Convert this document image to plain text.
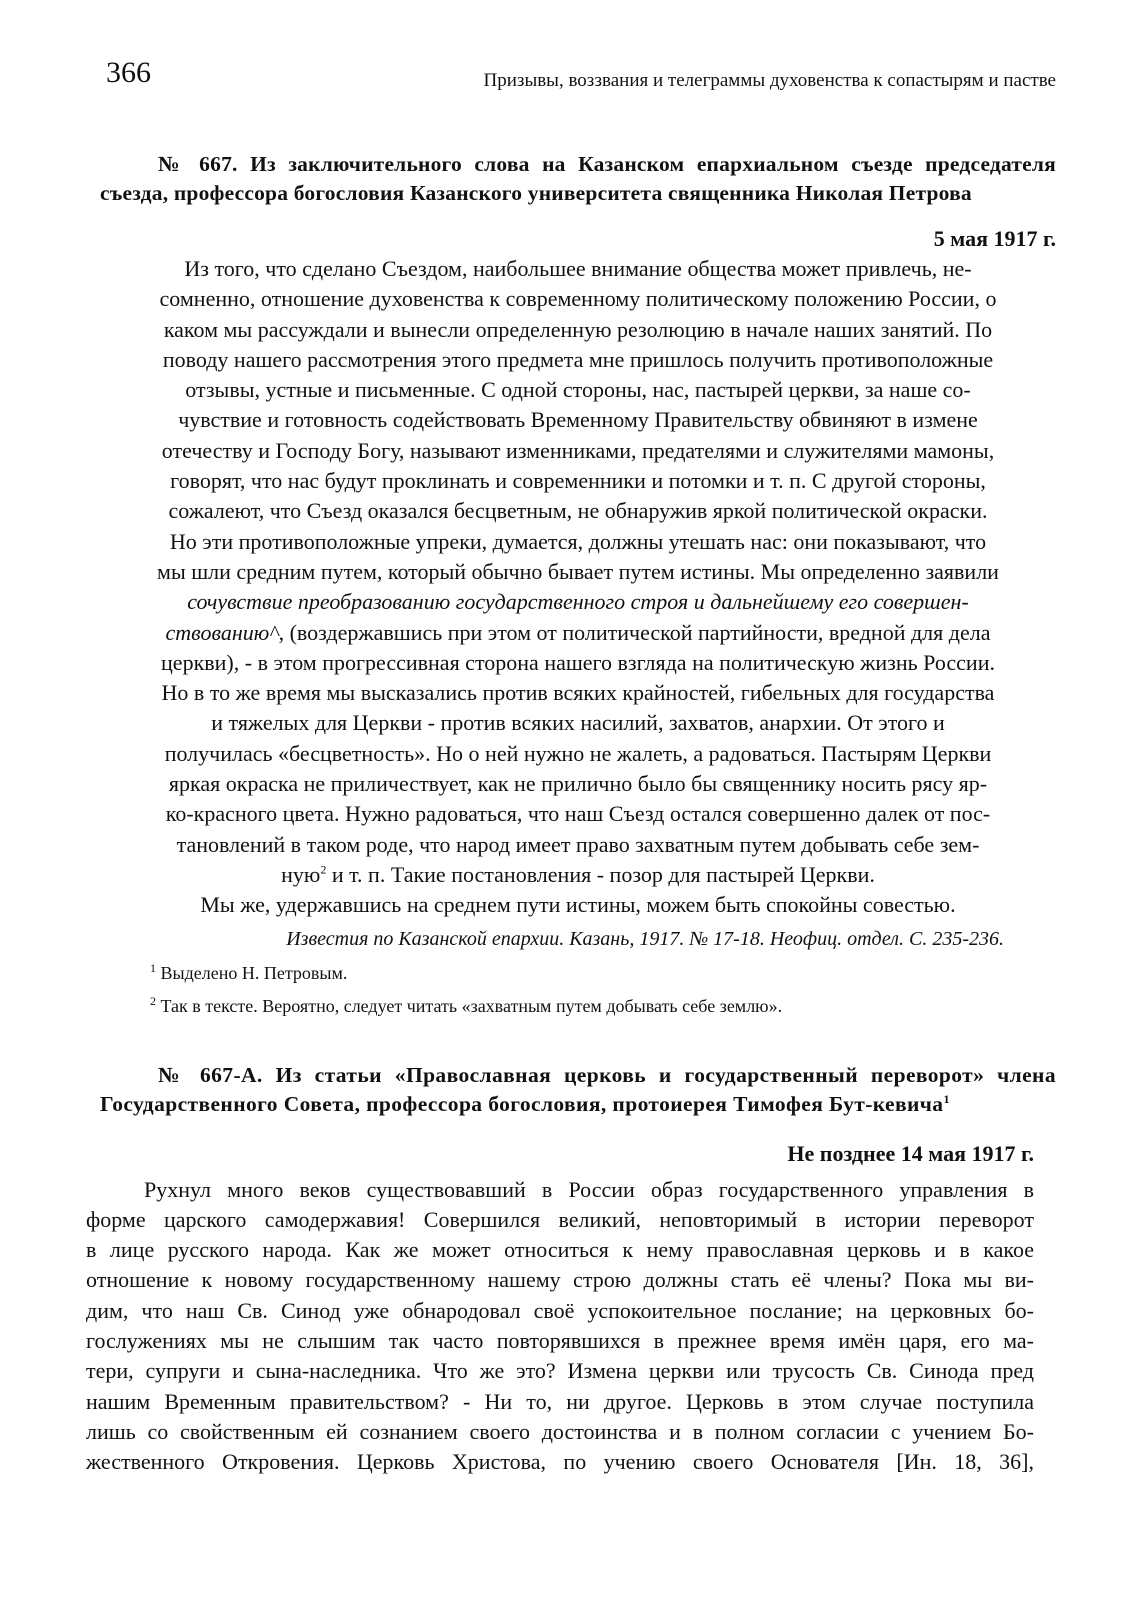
366	Призывы, воззвания и телеграммы духовенства к сопастырям и пастве

№ 667. Из заключительного слова на Казанском епархиальном съезде председателя съезда, профессора богословия Казанского университета священника Николая Петрова

5 мая 1917 г.

Из того, что сделано Съездом, наибольшее внимание общества может привлечь, не-
сомненно, отношение духовенства к современному политическому положению России, о
каком мы рассуждали и вынесли определенную резолюцию в начале наших занятий. По
поводу нашего рассмотрения этого предмета мне пришлось получить противоположные
отзывы, устные и письменные. С одной стороны, нас, пастырей церкви, за наше со-
чувствие и готовность содействовать Временному Правительству обвиняют в измене
отечеству и Господу Богу, называют изменниками, предателями и служителями мамоны,
говорят, что нас будут проклинать и современники и потомки и т. п. С другой стороны,
сожалеют, что Съезд оказался бесцветным, не обнаружив яркой политической окраски.
Но эти противоположные упреки, думается, должны утешать нас: они показывают, что
мы шли средним путем, который обычно бывает путем истины. Мы определенно заявили
сочувствие преобразованию государственного строя и дальнейшему его совершен-
ствованию^, (воздержавшись при этом от политической партийности, вредной для дела
церкви), - в этом прогрессивная сторона нашего взгляда на политическую жизнь России.
Но в то же время мы высказались против всяких крайностей, гибельных для государства
и тяжелых для Церкви - против всяких насилий, захватов, анархии. От этого и
получилась «бесцветность». Но о ней нужно не жалеть, а радоваться. Пастырям Церкви
яркая окраска не приличествует, как не прилично было бы священнику носить рясу яр-
ко-красного цвета. Нужно радоваться, что наш Съезд остался совершенно далек от пос-
тановлений в таком роде, что народ имеет право захватным путем добывать себе зем-
ную$^2$ и т. п. Такие постановления - позор для пастырей Церкви.
Мы же, удержавшись на среднем пути истины, можем быть спокойны совестью.

Известия по Казанской епархии. Казань, 1917. № 17-18. Неофиц. отдел. С. 235-236.

$^1$ Выделено Н. Петровым.
$^2$ Так в тексте. Вероятно, следует читать «захватным путем добывать себе землю».

№ 667-А. Из статьи «Православная церковь и государственный переворот» члена Государственного Совета, профессора богословия, протоиерея Тимофея Бут-кевича$^1$

Не позднее 14 мая 1917 г.

Рухнул много веков существовавший в России образ государственного управления в
форме царского самодержавия! Совершился великий, неповторимый в истории переворот
в лице русского народа. Как же может относиться к нему православная церковь и в какое
отношение к новому государственному нашему строю должны стать её члены? Пока мы ви-
дим, что наш Св. Синод уже обнародовал своё успокоительное послание; на церковных бо-
гослужениях мы не слышим так часто повторявшихся в прежнее время имён царя, его ма-
тери, супруги и сына-наследника. Что же это? Измена церкви или трусость Св. Синода пред
нашим Временным правительством? - Ни то, ни другое. Церковь в этом случае поступила
лишь со свойственным ей сознанием своего достоинства и в полном согласии с учением Бо-
жественного Откровения. Церковь Христова, по учению своего Основателя [Ин. 18, 36],
